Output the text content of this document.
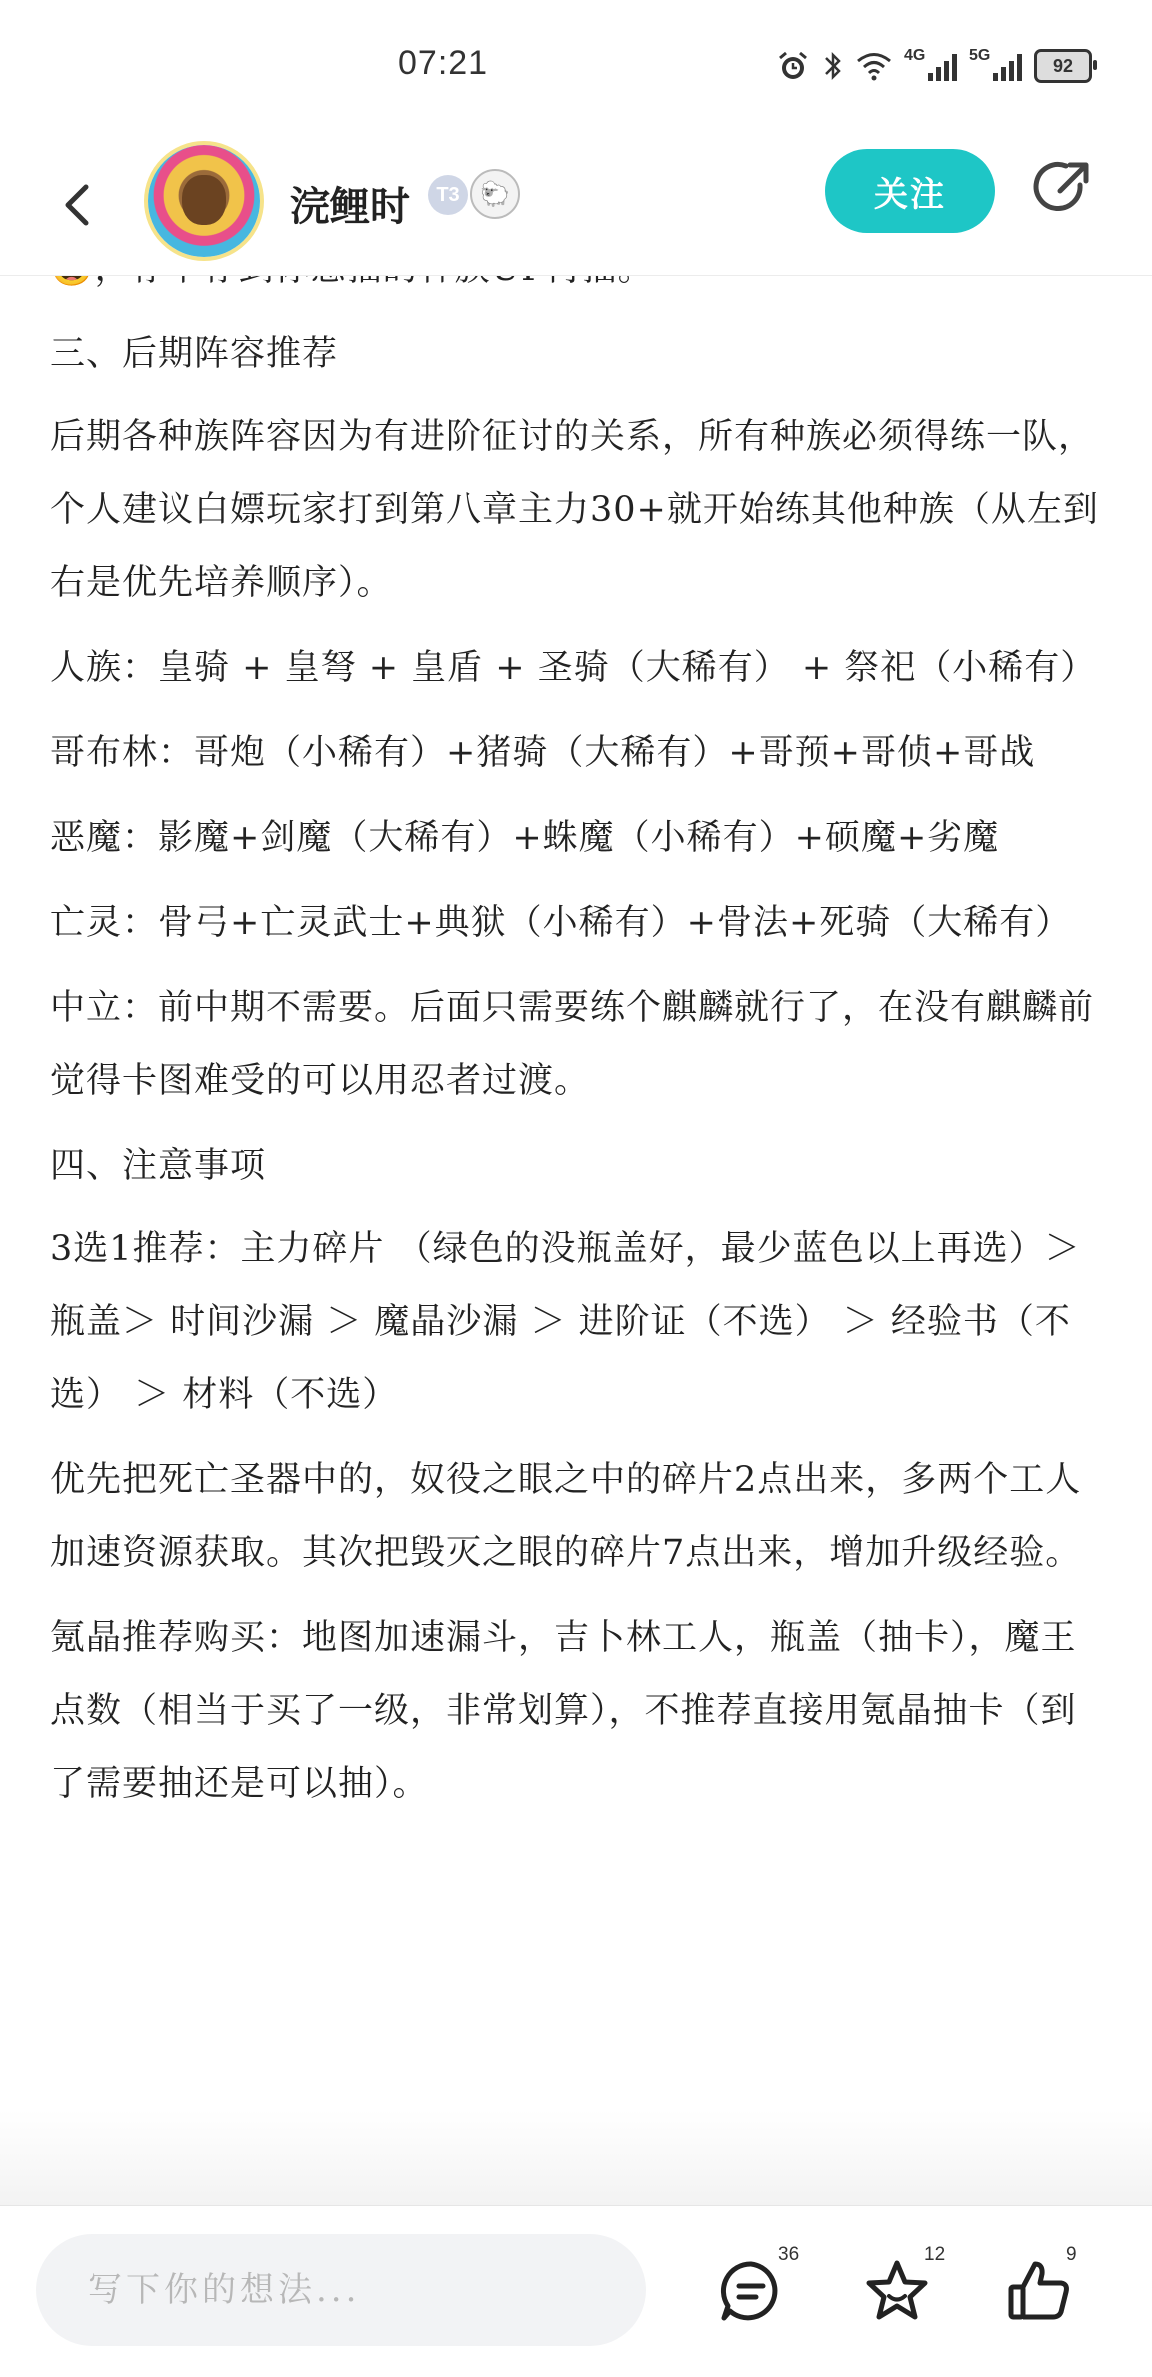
07:21	4G	5G	92
浣鲤时	T3 🐑	关注

三、后期阵容推荐

后期各种族阵容因为有进阶征讨的关系，所有种族必须得练一队，个人建议白嫖玩家打到第八章主力30+就开始练其他种族（从左到右是优先培养顺序）。

人族：皇骑 + 皇弩 + 皇盾 + 圣骑（大稀有） + 祭祀（小稀有）

哥布林：哥炮（小稀有）+猪骑（大稀有）+哥预+哥侦+哥战

恶魔：影魔+剑魔（大稀有）+蛛魔（小稀有）+硕魔+劣魔

亡灵：骨弓+亡灵武士+典狱（小稀有）+骨法+死骑（大稀有）

中立：前中期不需要。后面只需要练个麒麟就行了，在没有麒麟前觉得卡图难受的可以用忍者过渡。

四、注意事项

3选1推荐：主力碎片 （绿色的没瓶盖好，最少蓝色以上再选）＞ 瓶盖＞ 时间沙漏 ＞ 魔晶沙漏 ＞ 进阶证（不选） ＞ 经验书（不选） ＞ 材料（不选）

优先把死亡圣器中的，奴役之眼之中的碎片2点出来，多两个工人加速资源获取。其次把毁灭之眼的碎片7点出来，增加升级经验。

氪晶推荐购买：地图加速漏斗，吉卜林工人，瓶盖（抽卡），魔王点数（相当于买了一级，非常划算），不推荐直接用氪晶抽卡（到了需要抽还是可以抽）。

写下你的想法...
36	12	9
